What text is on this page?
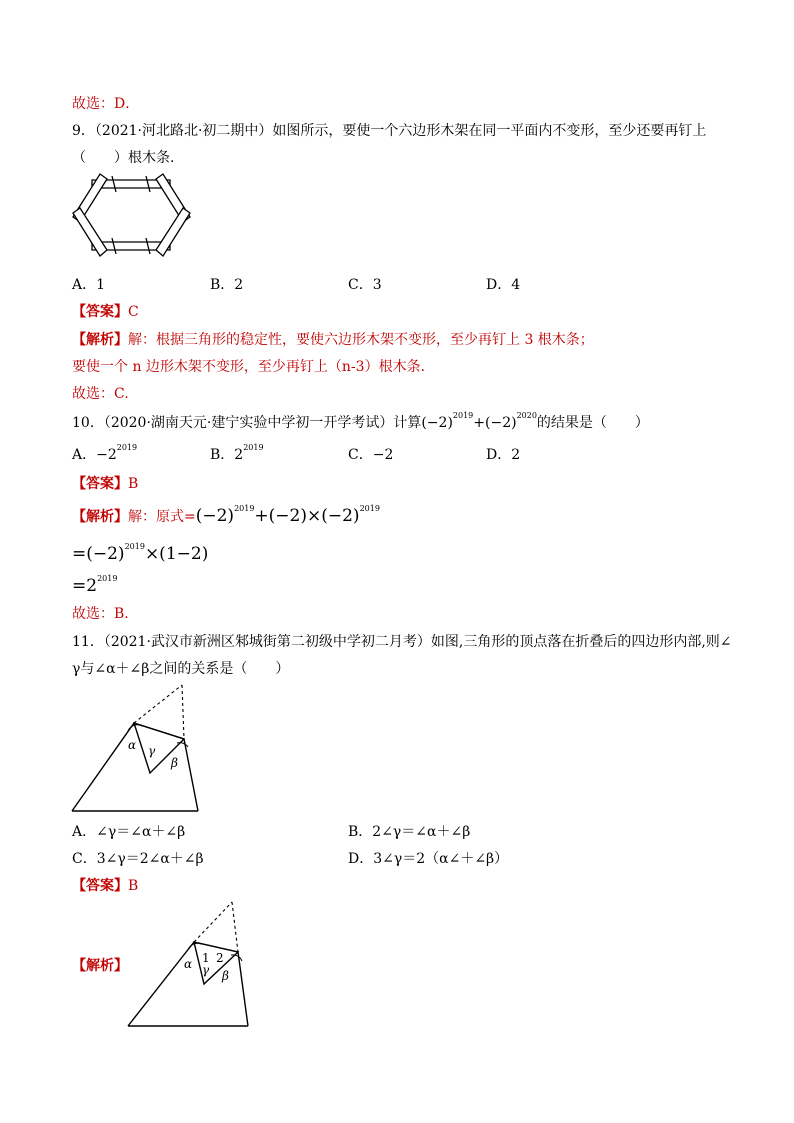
故选：D．
9．（2021·河北路北·初二期中）如图所示，要使一个六边形木架在同一平面内不变形，至少还要再钉上
（　　）根木条.
A．1	B．2	C．3	D．4
【答案】C
【解析】解：根据三角形的稳定性，要使六边形木架不变形，至少再钉上 3 根木条；
要使一个 n 边形木架不变形，至少再钉上（n-3）根木条．
故选：C.
10．（2020·湖南天元·建宁实验中学初一开学考试）计算$(-2)^{2019}+(-2)^{2020}$的结果是（　　）
A．$-2^{2019}$	B．$2^{2019}$	C．−2	D．2
【答案】B
【解析】解：原式$=(-2)^{2019}+(-2)\times(-2)^{2019}$
$=(-2)^{2019}\times(1-2)$
$=2^{2019}$
故选：B.
11．（2021·武汉市新洲区邾城街第二初级中学初二月考）如图,三角形的顶点落在折叠后的四边形内部,则∠
γ与∠α＋∠β之间的关系是（　　）
α γ
β
A．∠γ＝∠α＋∠β	B．2∠γ＝∠α＋∠β
C．3∠γ＝2∠α＋∠β	D．3∠γ＝2（α∠＋∠β）
【答案】B
【解析】	α 1
γ
2
β
